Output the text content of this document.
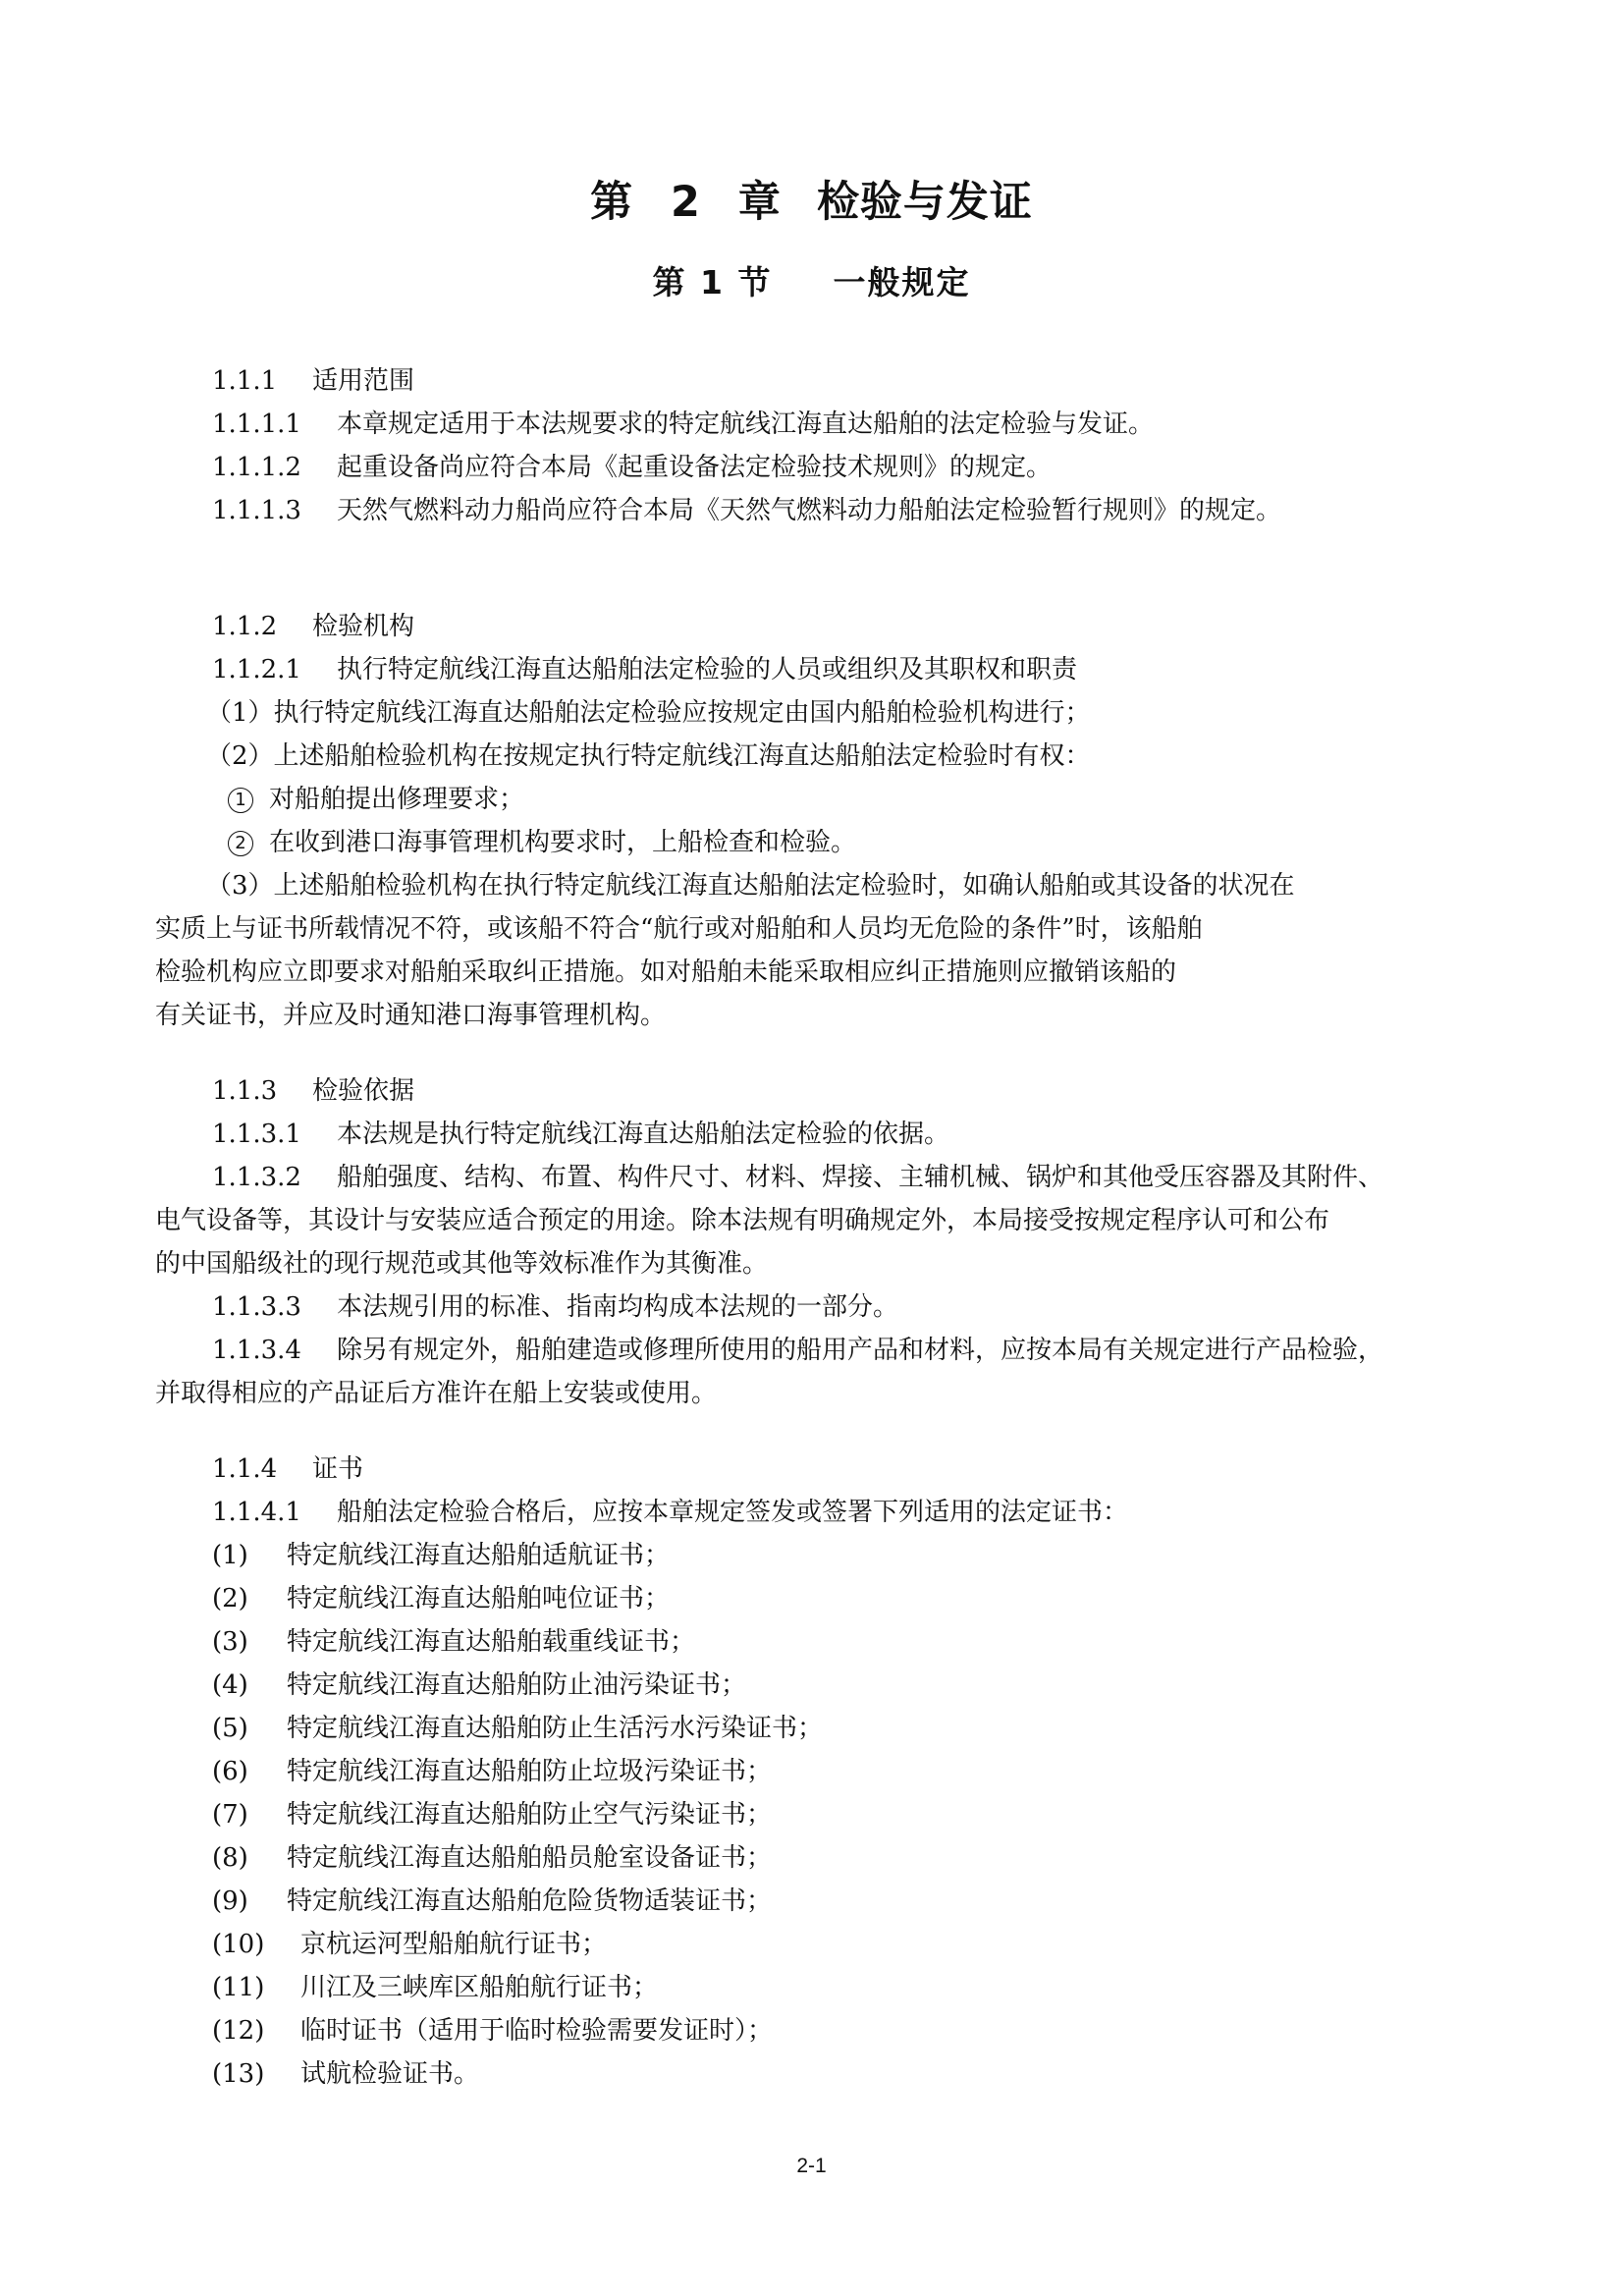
第 2 章 检验与发证
第 1 节 一般规定
1.1.1 适用范围
1.1.1.1 本章规定适用于本法规要求的特定航线江海直达船舶的法定检验与发证。
1.1.1.2 起重设备尚应符合本局《起重设备法定检验技术规则》的规定。
1.1.1.3 天然气燃料动力船尚应符合本局《天然气燃料动力船舶法定检验暂行规则》的规定。
1.1.2 检验机构
1.1.2.1 执行特定航线江海直达船舶法定检验的人员或组织及其职权和职责
（1）执行特定航线江海直达船舶法定检验应按规定由国内船舶检验机构进行；
（2）上述船舶检验机构在按规定执行特定航线江海直达船舶法定检验时有权：
1 对船舶提出修理要求；
2 在收到港口海事管理机构要求时，上船检查和检验。
（3）上述船舶检验机构在执行特定航线江海直达船舶法定检验时，如确认船舶或其设备的状况在
实质上与证书所载情况不符，或该船不符合“航行或对船舶和人员均无危险的条件”时，该船舶
检验机构应立即要求对船舶采取纠正措施。如对船舶未能采取相应纠正措施则应撤销该船的
有关证书，并应及时通知港口海事管理机构。
1.1.3 检验依据
1.1.3.1 本法规是执行特定航线江海直达船舶法定检验的依据。
1.1.3.2 船舶强度、结构、布置、构件尺寸、材料、焊接、主辅机械、锅炉和其他受压容器及其附件、
电气设备等，其设计与安装应适合预定的用途。除本法规有明确规定外，本局接受按规定程序认可和公布
的中国船级社的现行规范或其他等效标准作为其衡准。
1.1.3.3 本法规引用的标准、指南均构成本法规的一部分。
1.1.3.4 除另有规定外，船舶建造或修理所使用的船用产品和材料，应按本局有关规定进行产品检验，
并取得相应的产品证后方准许在船上安装或使用。
1.1.4 证书
1.1.4.1 船舶法定检验合格后，应按本章规定签发或签署下列适用的法定证书：
(1) 特定航线江海直达船舶适航证书；
(2) 特定航线江海直达船舶吨位证书；
(3) 特定航线江海直达船舶载重线证书；
(4) 特定航线江海直达船舶防止油污染证书；
(5) 特定航线江海直达船舶防止生活污水污染证书；
(6) 特定航线江海直达船舶防止垃圾污染证书；
(7) 特定航线江海直达船舶防止空气污染证书；
(8) 特定航线江海直达船舶船员舱室设备证书；
(9) 特定航线江海直达船舶危险货物适装证书；
(10) 京杭运河型船舶航行证书；
(11) 川江及三峡库区船舶航行证书；
(12) 临时证书（适用于临时检验需要发证时）；
(13) 试航检验证书。
2-1
